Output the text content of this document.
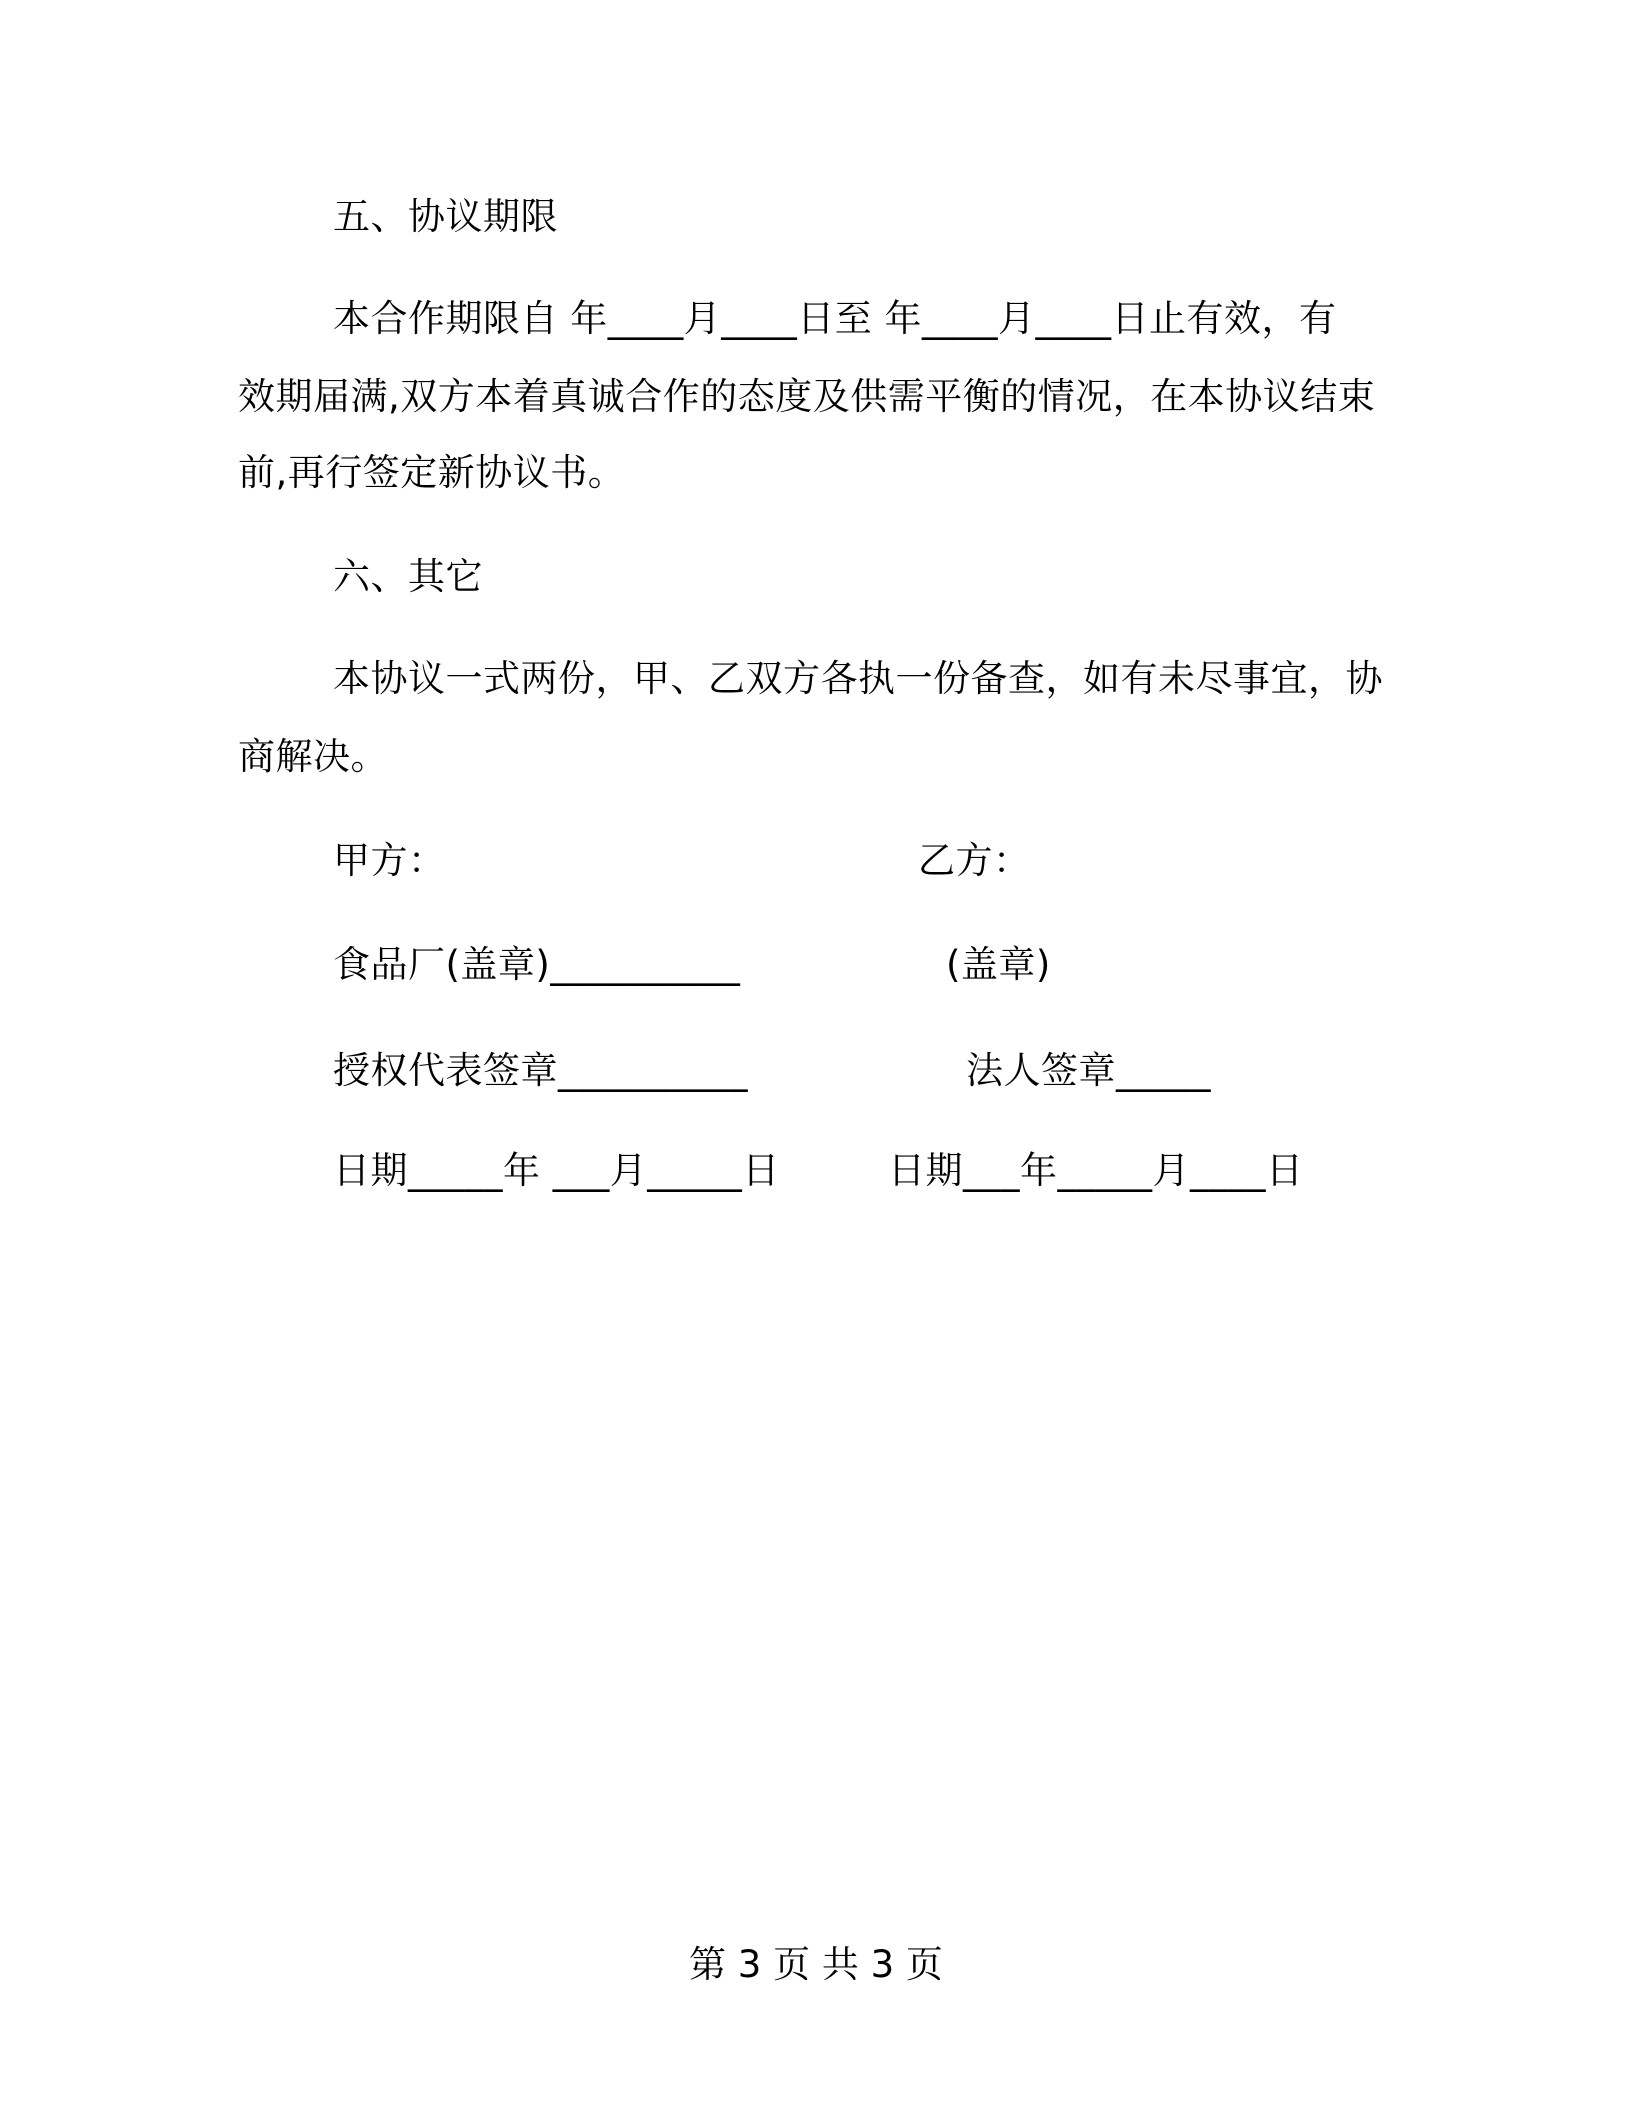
五、协议期限
本合作期限自 年____月____日至 年____月____日止有效，有
效期届满,双方本着真诚合作的态度及供需平衡的情况，在本协议结束
前,再行签定新协议书。
六、其它
本协议一式两份，甲、乙双方各执一份备查，如有未尽事宜，协
商解决。
甲方：	乙方：
食品厂(盖章)__________	(盖章)
授权代表签章__________	法人签章_____
日期_____年 ___月_____日	日期___年_____月____日
第 3 页 共 3 页
